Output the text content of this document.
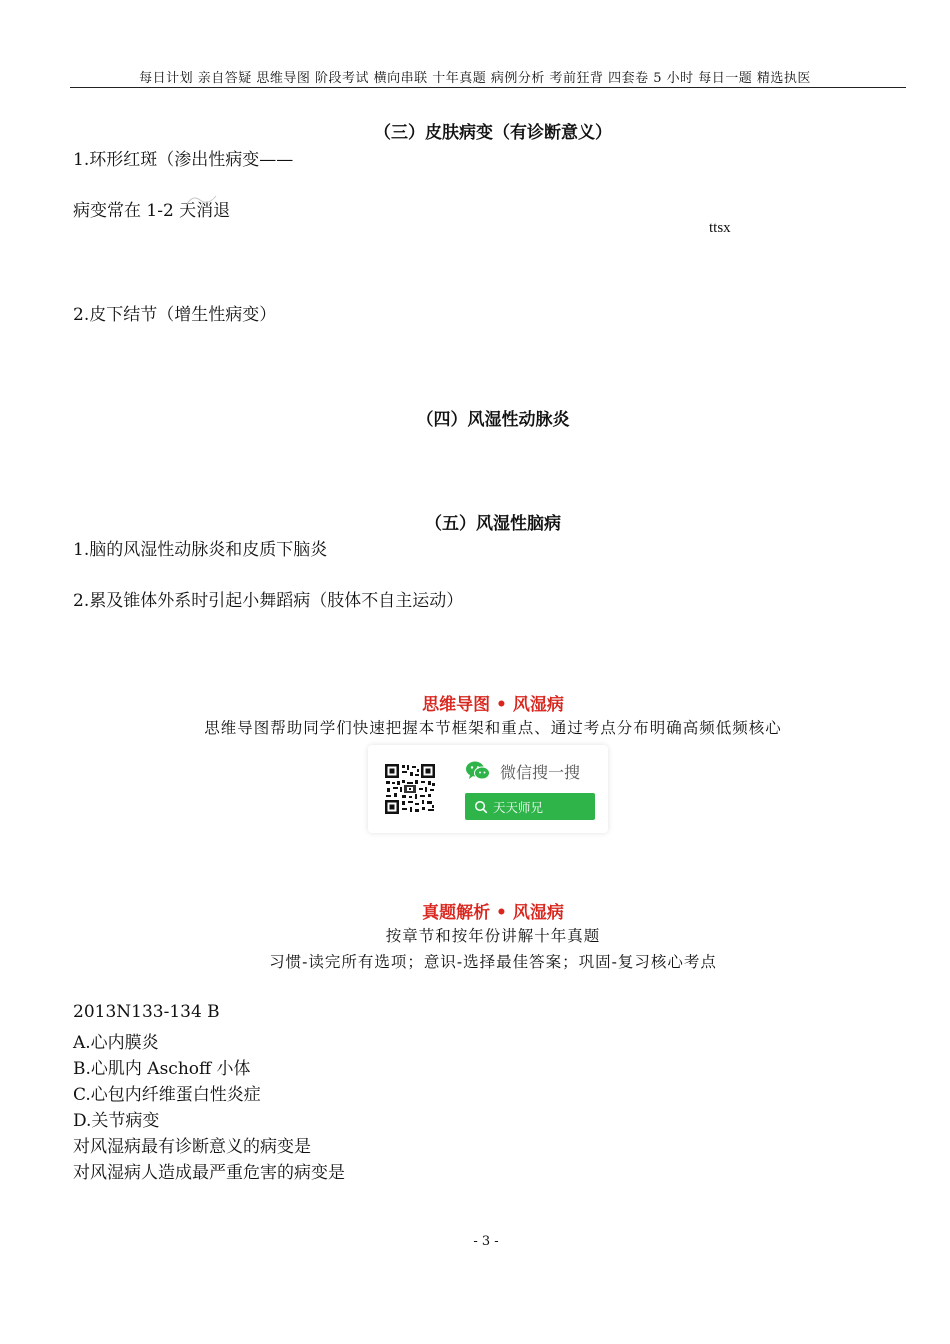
每日计划 亲自答疑 思维导图 阶段考试 横向串联 十年真题 病例分析 考前狂背 四套卷 5 小时 每日一题 精选执医
（三）皮肤病变（有诊断意义）
1.环形红斑（渗出性病变——
病变常在 1-2 天消退
ttsx
2.皮下结节（增生性病变）
（四）风湿性动脉炎
（五）风湿性脑病
1.脑的风湿性动脉炎和皮质下脑炎
2.累及锥体外系时引起小舞蹈病（肢体不自主运动）
思维导图 • 风湿病
思维导图帮助同学们快速把握本节框架和重点、通过考点分布明确高频低频核心
微信搜一搜
天天师兄
真题解析 • 风湿病
按章节和按年份讲解十年真题
习惯-读完所有选项；意识-选择最佳答案；巩固-复习核心考点
2013N133-134 B
A.心内膜炎
B.心肌内 Aschoff 小体
C.心包内纤维蛋白性炎症
D.关节病变
对风湿病最有诊断意义的病变是
对风湿病人造成最严重危害的病变是
- 3 -
